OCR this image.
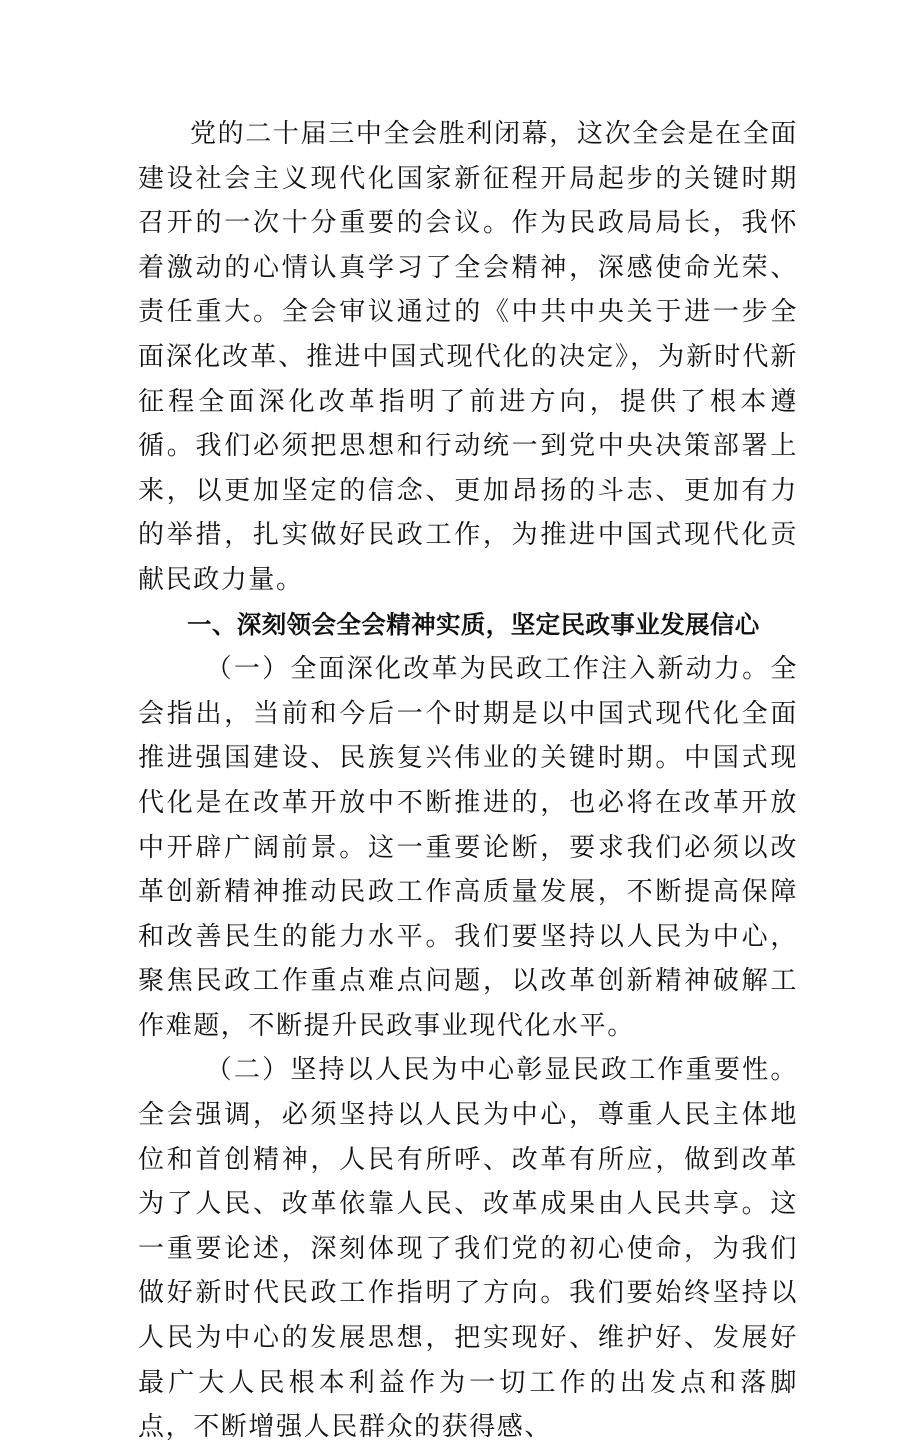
党的二十届三中全会胜利闭幕，这次全会是在全面建设社会主义现代化国家新征程开局起步的关键时期召开的一次十分重要的会议。作为民政局局长，我怀着激动的心情认真学习了全会精神，深感使命光荣、责任重大。全会审议通过的《中共中央关于进一步全面深化改革、推进中国式现代化的决定》，为新时代新征程全面深化改革指明了前进方向，提供了根本遵循。我们必须把思想和行动统一到党中央决策部署上来，以更加坚定的信念、更加昂扬的斗志、更加有力的举措，扎实做好民政工作，为推进中国式现代化贡献民政力量。

一、深刻领会全会精神实质，坚定民政事业发展信心

（一）全面深化改革为民政工作注入新动力。全会指出，当前和今后一个时期是以中国式现代化全面推进强国建设、民族复兴伟业的关键时期。中国式现代化是在改革开放中不断推进的，也必将在改革开放中开辟广阔前景。这一重要论断，要求我们必须以改革创新精神推动民政工作高质量发展，不断提高保障和改善民生的能力水平。我们要坚持以人民为中心，聚焦民政工作重点难点问题，以改革创新精神破解工作难题，不断提升民政事业现代化水平。

（二）坚持以人民为中心彰显民政工作重要性。全会强调，必须坚持以人民为中心，尊重人民主体地位和首创精神，人民有所呼、改革有所应，做到改革为了人民、改革依靠人民、改革成果由人民共享。这一重要论述，深刻体现了我们党的初心使命，为我们做好新时代民政工作指明了方向。我们要始终坚持以人民为中心的发展思想，把实现好、维护好、发展好最广大人民根本利益作为一切工作的出发点和落脚点，不断增强人民群众的获得感、
